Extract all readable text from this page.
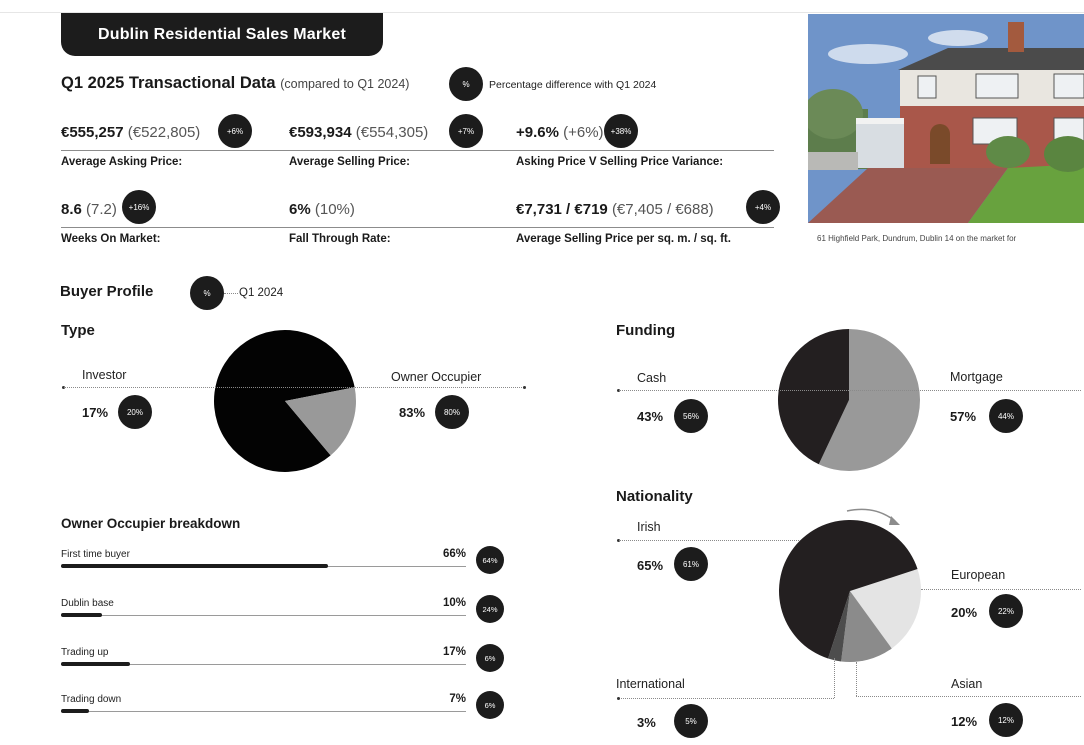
Dublin Residential Sales Market
Q1 2025 Transactional Data (compared to Q1 2024)	%	Percentage difference with Q1 2024
€555,257 (€522,805)	+6%	€593,934 (€554,305)	+7%	+9.6% (+6%) +38%
Average Asking Price:	Average Selling Price:	Asking Price V Selling Price Variance:
8.6 (7.2)	+16%	6% (10%)	€7,731 / €719 (€7,405 / €688)	+4%
Weeks On Market:	Fall Through Rate:	Average Selling Price per sq. m. / sq. ft.	61 Highfield Park, Dundrum, Dublin 14 on the market for
Buyer Profile	%	Q1 2024
Type
Investor
17%	20%
Owner Occupier
83%	80%
Funding
Cash
43%	56%
Mortgage
57%	44%
Nationality
Irish
65%	61%
European
20%	22%
Asian
12%	12%
International
3%	5%
Owner Occupier breakdown
First time buyer	66%	64%
Dublin base	10%	24%
Trading up	17%	6%
Trading down	7%	6%
